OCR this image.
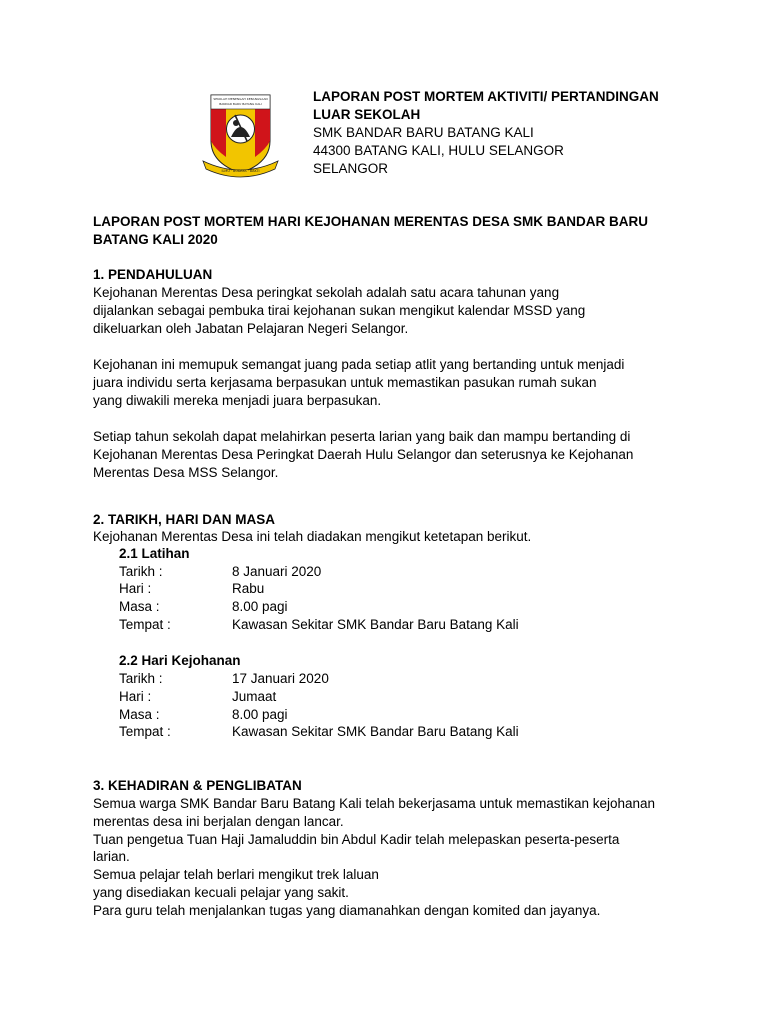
SEKOLAH MENENGAH KEBANGSAAN
BANDAR BARU BATANG KALI
ILMU · BUDAYA · BAKTI
LAPORAN POST MORTEM AKTIVITI/ PERTANDINGAN
LUAR SEKOLAH
SMK BANDAR BARU BATANG KALI
44300 BATANG KALI, HULU SELANGOR
SELANGOR
LAPORAN POST MORTEM HARI KEJOHANAN MERENTAS DESA SMK BANDAR BARU
BATANG KALI 2020
1. PENDAHULUAN
Kejohanan Merentas Desa peringkat sekolah adalah satu acara tahunan yang
dijalankan sebagai pembuka tirai kejohanan sukan mengikut kalendar MSSD yang
dikeluarkan oleh Jabatan Pelajaran Negeri Selangor.
Kejohanan ini memupuk semangat juang pada setiap atlit yang bertanding untuk menjadi
juara individu serta kerjasama berpasukan untuk memastikan pasukan rumah sukan
yang diwakili mereka menjadi juara berpasukan.
Setiap tahun sekolah dapat melahirkan peserta larian yang baik dan mampu bertanding di
Kejohanan Merentas Desa Peringkat Daerah Hulu Selangor dan seterusnya ke Kejohanan
Merentas Desa MSS Selangor.
2. TARIKH, HARI DAN MASA
Kejohanan Merentas Desa ini telah diadakan mengikut ketetapan berikut.
2.1 Latihan
Tarikh :	8 Januari 2020
Hari :	Rabu
Masa :	8.00 pagi
Tempat :	Kawasan Sekitar SMK Bandar Baru Batang Kali
2.2 Hari Kejohanan
Tarikh :	17 Januari 2020
Hari :	Jumaat
Masa :	8.00 pagi
Tempat :	Kawasan Sekitar SMK Bandar Baru Batang Kali
3. KEHADIRAN & PENGLIBATAN
Semua warga SMK Bandar Baru Batang Kali telah bekerjasama untuk memastikan kejohanan
merentas desa ini berjalan dengan lancar.
Tuan pengetua Tuan Haji Jamaluddin bin Abdul Kadir telah melepaskan peserta-peserta
larian.
Semua pelajar telah berlari mengikut trek laluan
yang disediakan kecuali pelajar yang sakit.
Para guru telah menjalankan tugas yang diamanahkan dengan komited dan jayanya.
